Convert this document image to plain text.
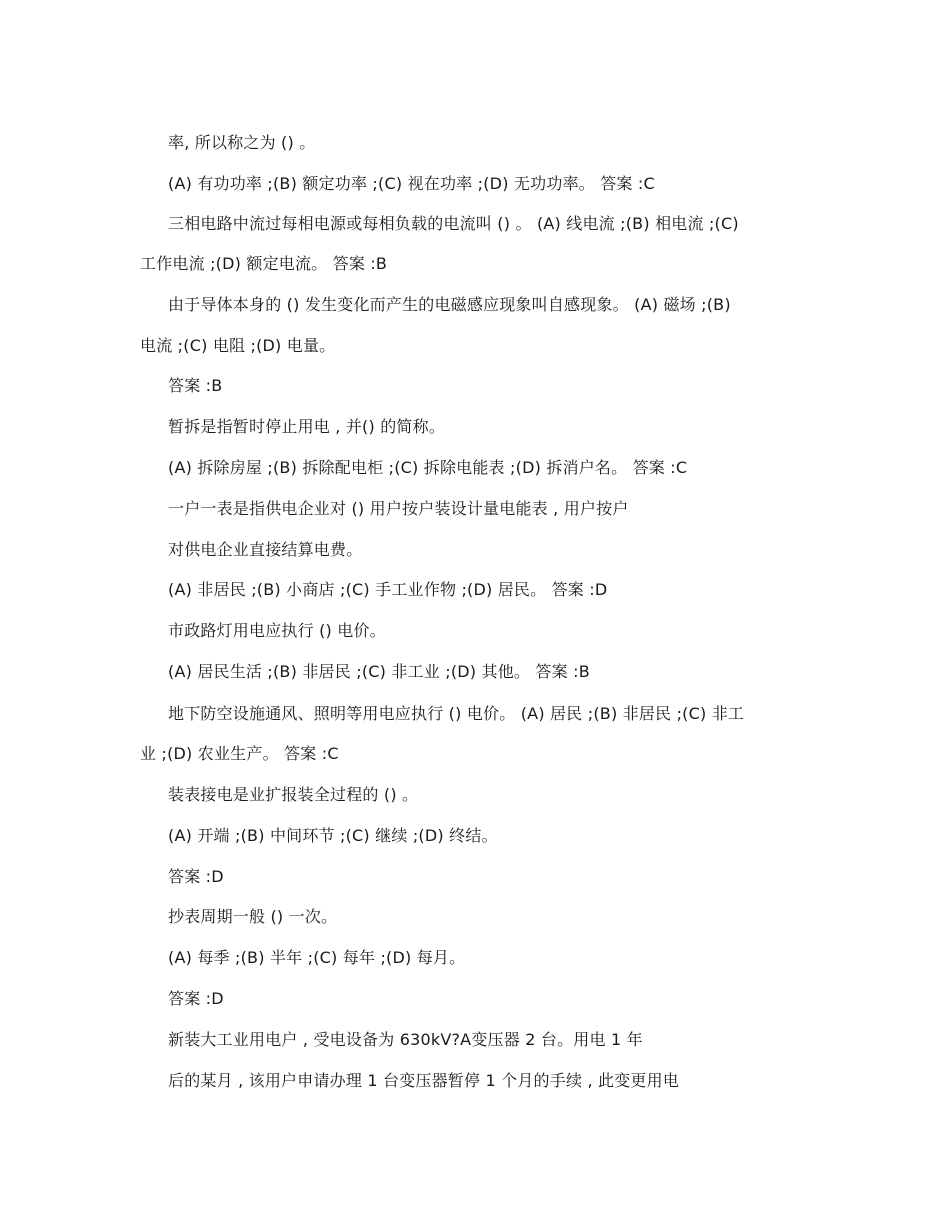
率, 所以称之为 () 。
(A) 有功功率 ;(B) 额定功率 ;(C) 视在功率 ;(D) 无功功率。 答案 :C
三相电路中流过每相电源或每相负载的电流叫 () 。 (A) 线电流 ;(B) 相电流 ;(C)
工作电流 ;(D) 额定电流。 答案 :B
由于导体本身的 () 发生变化而产生的电磁感应现象叫自感现象。 (A) 磁场 ;(B)
电流 ;(C) 电阻 ;(D) 电量。
答案 :B
暂拆是指暂时停止用电 , 并() 的简称。
(A) 拆除房屋 ;(B) 拆除配电柜 ;(C) 拆除电能表 ;(D) 拆消户名。 答案 :C
一户一表是指供电企业对 () 用户按户装设计量电能表 , 用户按户
对供电企业直接结算电费。
(A) 非居民 ;(B) 小商店 ;(C) 手工业作物 ;(D) 居民。 答案 :D
市政路灯用电应执行 () 电价。
(A) 居民生活 ;(B) 非居民 ;(C) 非工业 ;(D) 其他。 答案 :B
地下防空设施通风、照明等用电应执行 () 电价。 (A) 居民 ;(B) 非居民 ;(C) 非工
业 ;(D) 农业生产。 答案 :C
装表接电是业扩报装全过程的 () 。
(A) 开端 ;(B) 中间环节 ;(C) 继续 ;(D) 终结。
答案 :D
抄表周期一般 () 一次。
(A) 每季 ;(B) 半年 ;(C) 每年 ;(D) 每月。
答案 :D
新装大工业用电户 , 受电设备为 630kV?A变压器 2 台。用电 1 年
后的某月 , 该用户申请办理 1 台变压器暂停 1 个月的手续 , 此变更用电
